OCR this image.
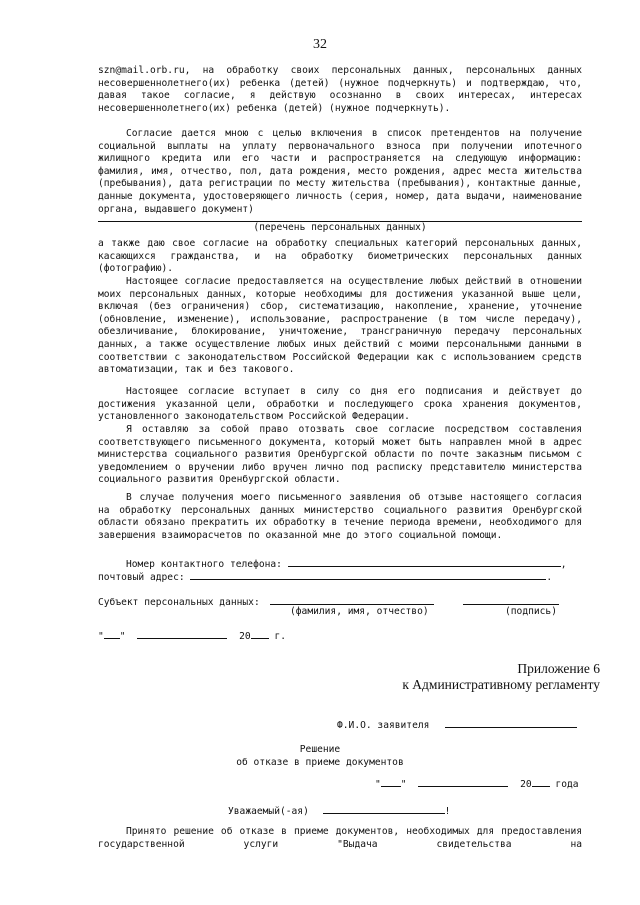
32

szn@mail.orb.ru, на обработку своих персональных данных, персональных данных несовершеннолетнего(их) ребенка (детей) (нужное подчеркнуть) и подтверждаю, что, давая такое согласие, я действую осознанно в своих интересах, интересах несовершеннолетнего(их) ребенка (детей) (нужное подчеркнуть).

Согласие дается мною с целью включения в список претендентов на получение социальной выплаты на уплату первоначального взноса при получении ипотечного жилищного кредита или его части и распространяется на следующую информацию: фамилия, имя, отчество, пол, дата рождения, место рождения, адрес места жительства (пребывания), дата регистрации по месту жительства (пребывания), контактные данные, данные документа, удостоверяющего личность (серия, номер, дата выдачи, наименование органа, выдавшего документ)

(перечень персональных данных)

а также даю свое согласие на обработку специальных категорий персональных данных, касающихся гражданства, и на обработку биометрических персональных данных (фотографию).

Настоящее согласие предоставляется на осуществление любых действий в отношении моих персональных данных, которые необходимы для достижения указанной выше цели, включая (без ограничения) сбор, систематизацию, накопление, хранение, уточнение (обновление, изменение), использование, распространение (в том числе передачу), обезличивание, блокирование, уничтожение, трансграничную передачу персональных данных, а также осуществление любых иных действий с моими персональными данными в соответствии с законодательством Российской Федерации как с использованием средств автоматизации, так и без такового.

Настоящее согласие вступает в силу со дня его подписания и действует до достижения указанной цели, обработки и последующего срока хранения документов, установленного законодательством Российской Федерации.

Я оставляю за собой право отозвать свое согласие посредством составления соответствующего письменного документа, который может быть направлен мной в адрес министерства социального развития Оренбургской области по почте заказным письмом с уведомлением о вручении либо вручен лично под расписку представителю министерства социального развития Оренбургской области.

В случае получения моего письменного заявления об отзыве настоящего согласия на обработку персональных данных министерство социального развития Оренбургской области обязано прекратить их обработку в течение периода времени, необходимого для завершения взаиморасчетов по оказанной мне до этого социальной помощи.

Номер контактного телефона:	,
почтовый адрес:	.
Субъект персональных данных:
(фамилия, имя, отчество)	(подпись)
" "	20 г.
Приложение 6
к Административному регламенту
Ф.И.О. заявителя
Решение
об отказе в приеме документов
" "	20 года
Уважаемый(-ая)	!

Принято решение об отказе в приеме документов, необходимых для предоставления государственной услуги "Выдача свидетельства на
